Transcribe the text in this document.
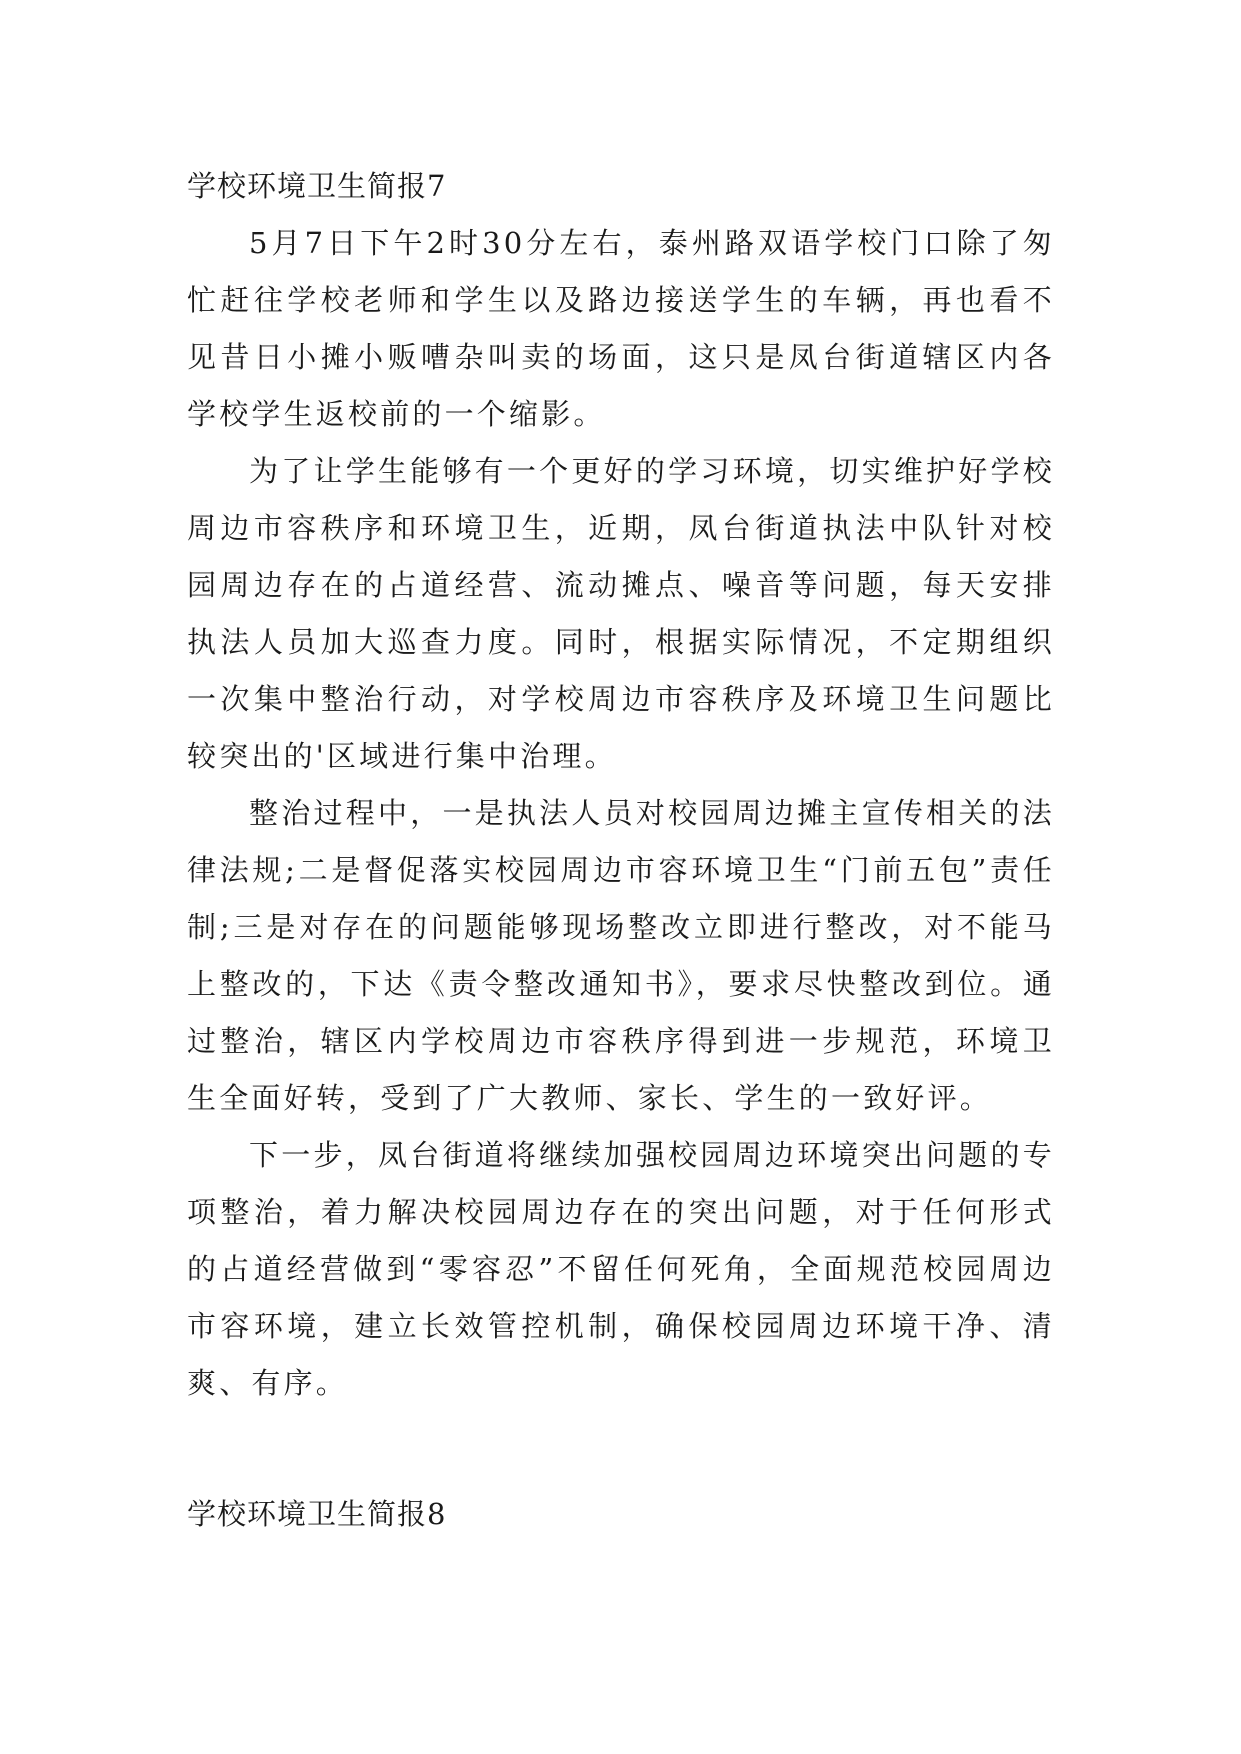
学校环境卫生简报7

5月7日下午2时30分左右，泰州路双语学校门口除了匆忙赶往学校老师和学生以及路边接送学生的车辆，再也看不见昔日小摊小贩嘈杂叫卖的场面，这只是凤台街道辖区内各学校学生返校前的一个缩影。

为了让学生能够有一个更好的学习环境，切实维护好学校周边市容秩序和环境卫生，近期，凤台街道执法中队针对校园周边存在的占道经营、流动摊点、噪音等问题，每天安排执法人员加大巡查力度。同时，根据实际情况，不定期组织一次集中整治行动，对学校周边市容秩序及环境卫生问题比较突出的'区域进行集中治理。

整治过程中，一是执法人员对校园周边摊主宣传相关的法律法规;二是督促落实校园周边市容环境卫生“门前五包”责任制;三是对存在的问题能够现场整改立即进行整改，对不能马上整改的，下达《责令整改通知书》，要求尽快整改到位。通过整治，辖区内学校周边市容秩序得到进一步规范，环境卫生全面好转，受到了广大教师、家长、学生的一致好评。

下一步，凤台街道将继续加强校园周边环境突出问题的专项整治，着力解决校园周边存在的突出问题，对于任何形式的占道经营做到“零容忍”不留任何死角，全面规范校园周边市容环境，建立长效管控机制，确保校园周边环境干净、清爽、有序。

学校环境卫生简报8
